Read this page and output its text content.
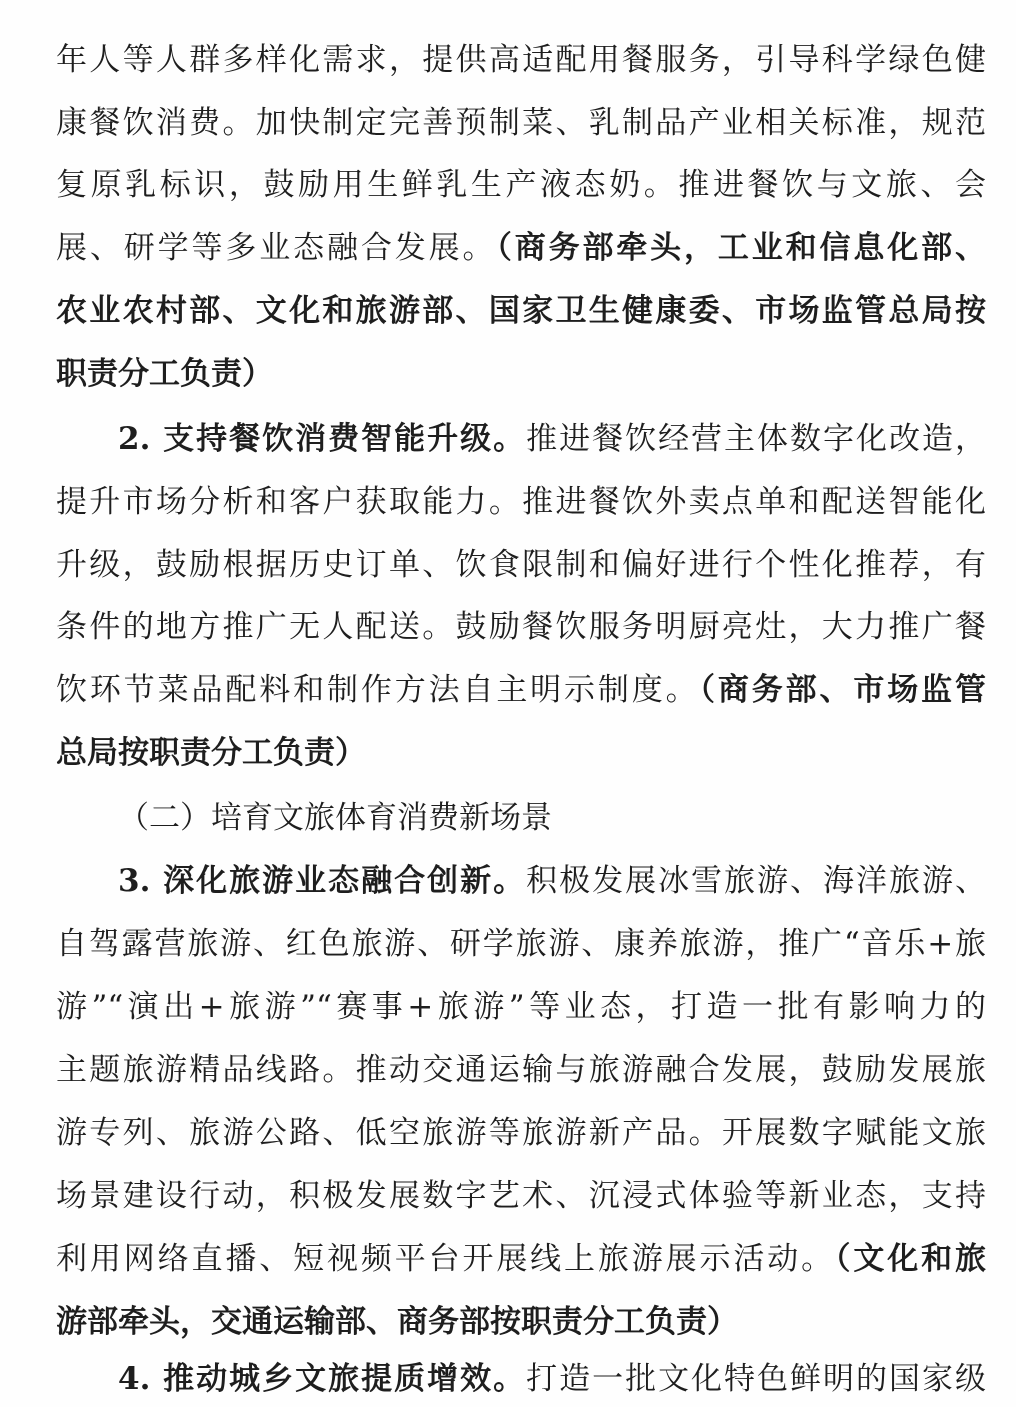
年人等人群多样化需求，提供高适配用餐服务，引导科学绿色健
康餐饮消费。加快制定完善预制菜、乳制品产业相关标准，规范
复原乳标识，鼓励用生鲜乳生产液态奶。推进餐饮与文旅、会
展、研学等多业态融合发展。（商务部牵头，工业和信息化部、
农业农村部、文化和旅游部、国家卫生健康委、市场监管总局按
职责分工负责）
2. 支持餐饮消费智能升级。推进餐饮经营主体数字化改造，
提升市场分析和客户获取能力。推进餐饮外卖点单和配送智能化
升级，鼓励根据历史订单、饮食限制和偏好进行个性化推荐，有
条件的地方推广无人配送。鼓励餐饮服务明厨亮灶，大力推广餐
饮环节菜品配料和制作方法自主明示制度。（商务部、市场监管
总局按职责分工负责）
（二）培育文旅体育消费新场景
3. 深化旅游业态融合创新。积极发展冰雪旅游、海洋旅游、
自驾露营旅游、红色旅游、研学旅游、康养旅游，推广“音乐+旅
游”“演出+旅游”“赛事+旅游”等业态，打造一批有影响力的
主题旅游精品线路。推动交通运输与旅游融合发展，鼓励发展旅
游专列、旅游公路、低空旅游等旅游新产品。开展数字赋能文旅
场景建设行动，积极发展数字艺术、沉浸式体验等新业态，支持
利用网络直播、短视频平台开展线上旅游展示活动。（文化和旅
游部牵头，交通运输部、商务部按职责分工负责）
4. 推动城乡文旅提质增效。打造一批文化特色鲜明的国家级
